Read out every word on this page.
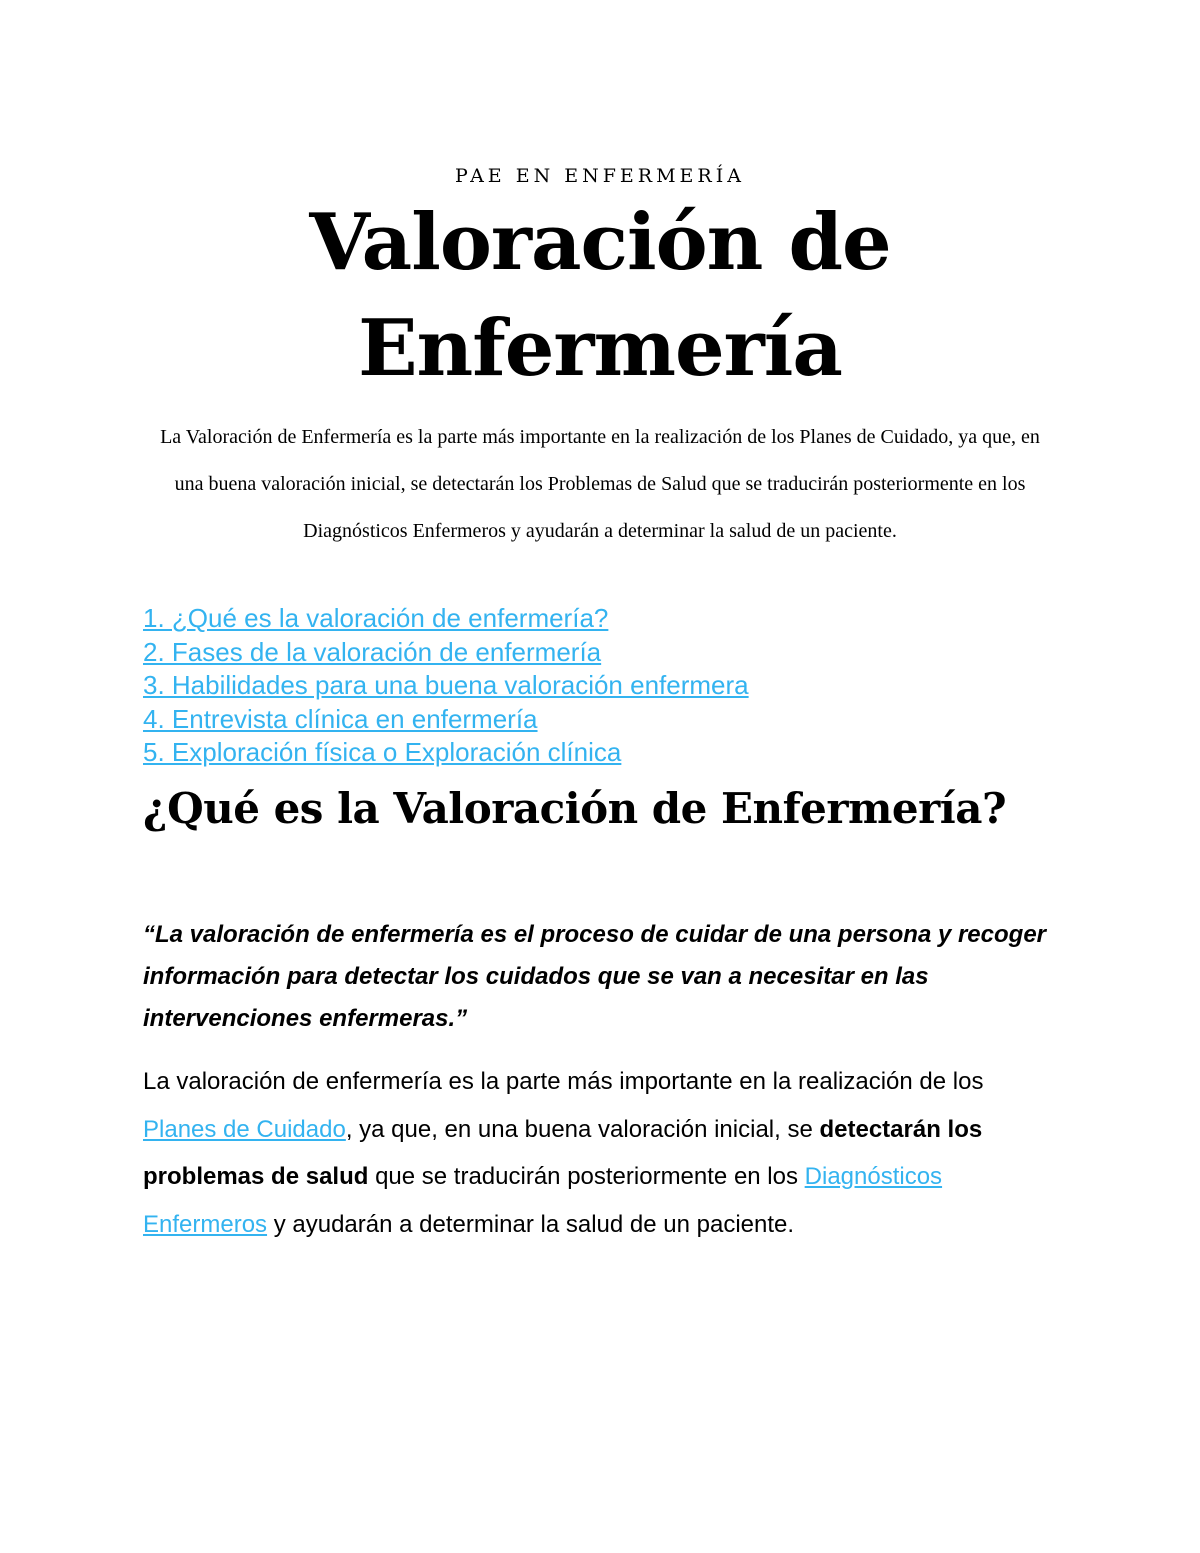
PAE EN ENFERMERÍA
Valoración de
Enfermería

La Valoración de Enfermería es la parte más importante en la realización de los Planes de Cuidado, ya que, en una buena valoración inicial, se detectarán los Problemas de Salud que se traducirán posteriormente en los Diagnósticos Enfermeros y ayudarán a determinar la salud de un paciente.

1. ¿Qué es la valoración de enfermería?
2. Fases de la valoración de enfermería
3. Habilidades para una buena valoración enfermera
4. Entrevista clínica en enfermería
5. Exploración física o Exploración clínica
¿Qué es la Valoración de Enfermería?

“La valoración de enfermería es el proceso de cuidar de una persona y recoger información para detectar los cuidados que se van a necesitar en las intervenciones enfermeras.”

La valoración de enfermería es la parte más importante en la realización de los Planes de Cuidado, ya que, en una buena valoración inicial, se detectarán los problemas de salud que se traducirán posteriormente en los Diagnósticos Enfermeros y ayudarán a determinar la salud de un paciente.
